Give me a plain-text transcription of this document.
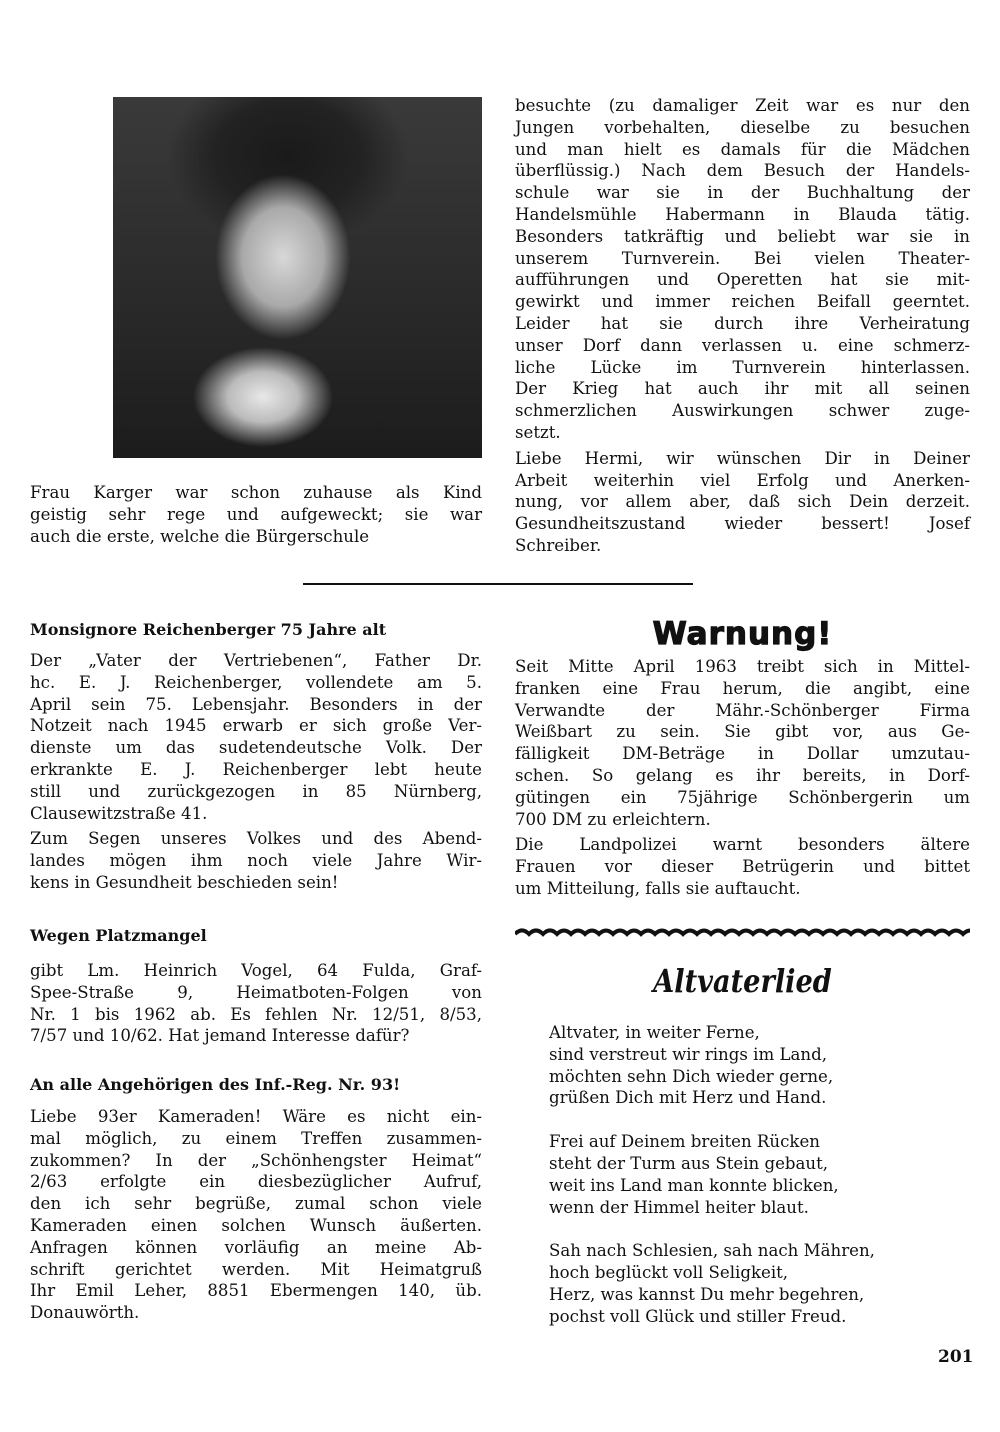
Frau Karger war schon zuhause als Kind
geistig sehr rege und aufgeweckt; sie war
auch die erste, welche die Bürgerschule
besuchte (zu damaliger Zeit war es nur den
Jungen vorbehalten, dieselbe zu besuchen
und man hielt es damals für die Mädchen
überflüssig.) Nach dem Besuch der Handels-
schule war sie in der Buchhaltung der
Handelsmühle Habermann in Blauda tätig.
Besonders tatkräftig und beliebt war sie in
unserem Turnverein. Bei vielen Theater-
aufführungen und Operetten hat sie mit-
gewirkt und immer reichen Beifall geerntet.
Leider hat sie durch ihre Verheiratung
unser Dorf dann verlassen u. eine schmerz-
liche Lücke im Turnverein hinterlassen.
Der Krieg hat auch ihr mit all seinen
schmerzlichen Auswirkungen schwer zuge-
setzt.
Liebe Hermi, wir wünschen Dir in Deiner
Arbeit weiterhin viel Erfolg und Anerken-
nung, vor allem aber, daß sich Dein derzeit.
Gesundheitszustand wieder bessert! Josef
Schreiber.
Monsignore Reichenberger 75 Jahre alt
Der „Vater der Vertriebenen“, Father Dr.
hc. E. J. Reichenberger, vollendete am 5.
April sein 75. Lebensjahr. Besonders in der
Notzeit nach 1945 erwarb er sich große Ver-
dienste um das sudetendeutsche Volk. Der
erkrankte E. J. Reichenberger lebt heute
still und zurückgezogen in 85 Nürnberg,
Clausewitzstraße 41.
Zum Segen unseres Volkes und des Abend-
landes mögen ihm noch viele Jahre Wir-
kens in Gesundheit beschieden sein!
Wegen Platzmangel
gibt Lm. Heinrich Vogel, 64 Fulda, Graf-
Spee-Straße 9, Heimatboten-Folgen von
Nr. 1 bis 1962 ab. Es fehlen Nr. 12/51, 8/53,
7/57 und 10/62. Hat jemand Interesse dafür?
An alle Angehörigen des Inf.-Reg. Nr. 93!
Liebe 93er Kameraden! Wäre es nicht ein-
mal möglich, zu einem Treffen zusammen-
zukommen? In der „Schönhengster Heimat“
2/63 erfolgte ein diesbezüglicher Aufruf,
den ich sehr begrüße, zumal schon viele
Kameraden einen solchen Wunsch äußerten.
Anfragen können vorläufig an meine Ab-
schrift gerichtet werden. Mit Heimatgruß
Ihr Emil Leher, 8851 Ebermengen 140, üb.
Donauwörth.
Warnung!
Seit Mitte April 1963 treibt sich in Mittel-
franken eine Frau herum, die angibt, eine
Verwandte der Mähr.-Schönberger Firma
Weißbart zu sein. Sie gibt vor, aus Ge-
fälligkeit DM-Beträge in Dollar umzutau-
schen. So gelang es ihr bereits, in Dorf-
gütingen ein 75jährige Schönbergerin um
700 DM zu erleichtern.
Die Landpolizei warnt besonders ältere
Frauen vor dieser Betrügerin und bittet
um Mitteilung, falls sie auftaucht.
Altvaterlied
Altvater, in weiter Ferne,
sind verstreut wir rings im Land,
möchten sehn Dich wieder gerne,
grüßen Dich mit Herz und Hand.
Frei auf Deinem breiten Rücken
steht der Turm aus Stein gebaut,
weit ins Land man konnte blicken,
wenn der Himmel heiter blaut.
Sah nach Schlesien, sah nach Mähren,
hoch beglückt voll Seligkeit,
Herz, was kannst Du mehr begehren,
pochst voll Glück und stiller Freud.
201
